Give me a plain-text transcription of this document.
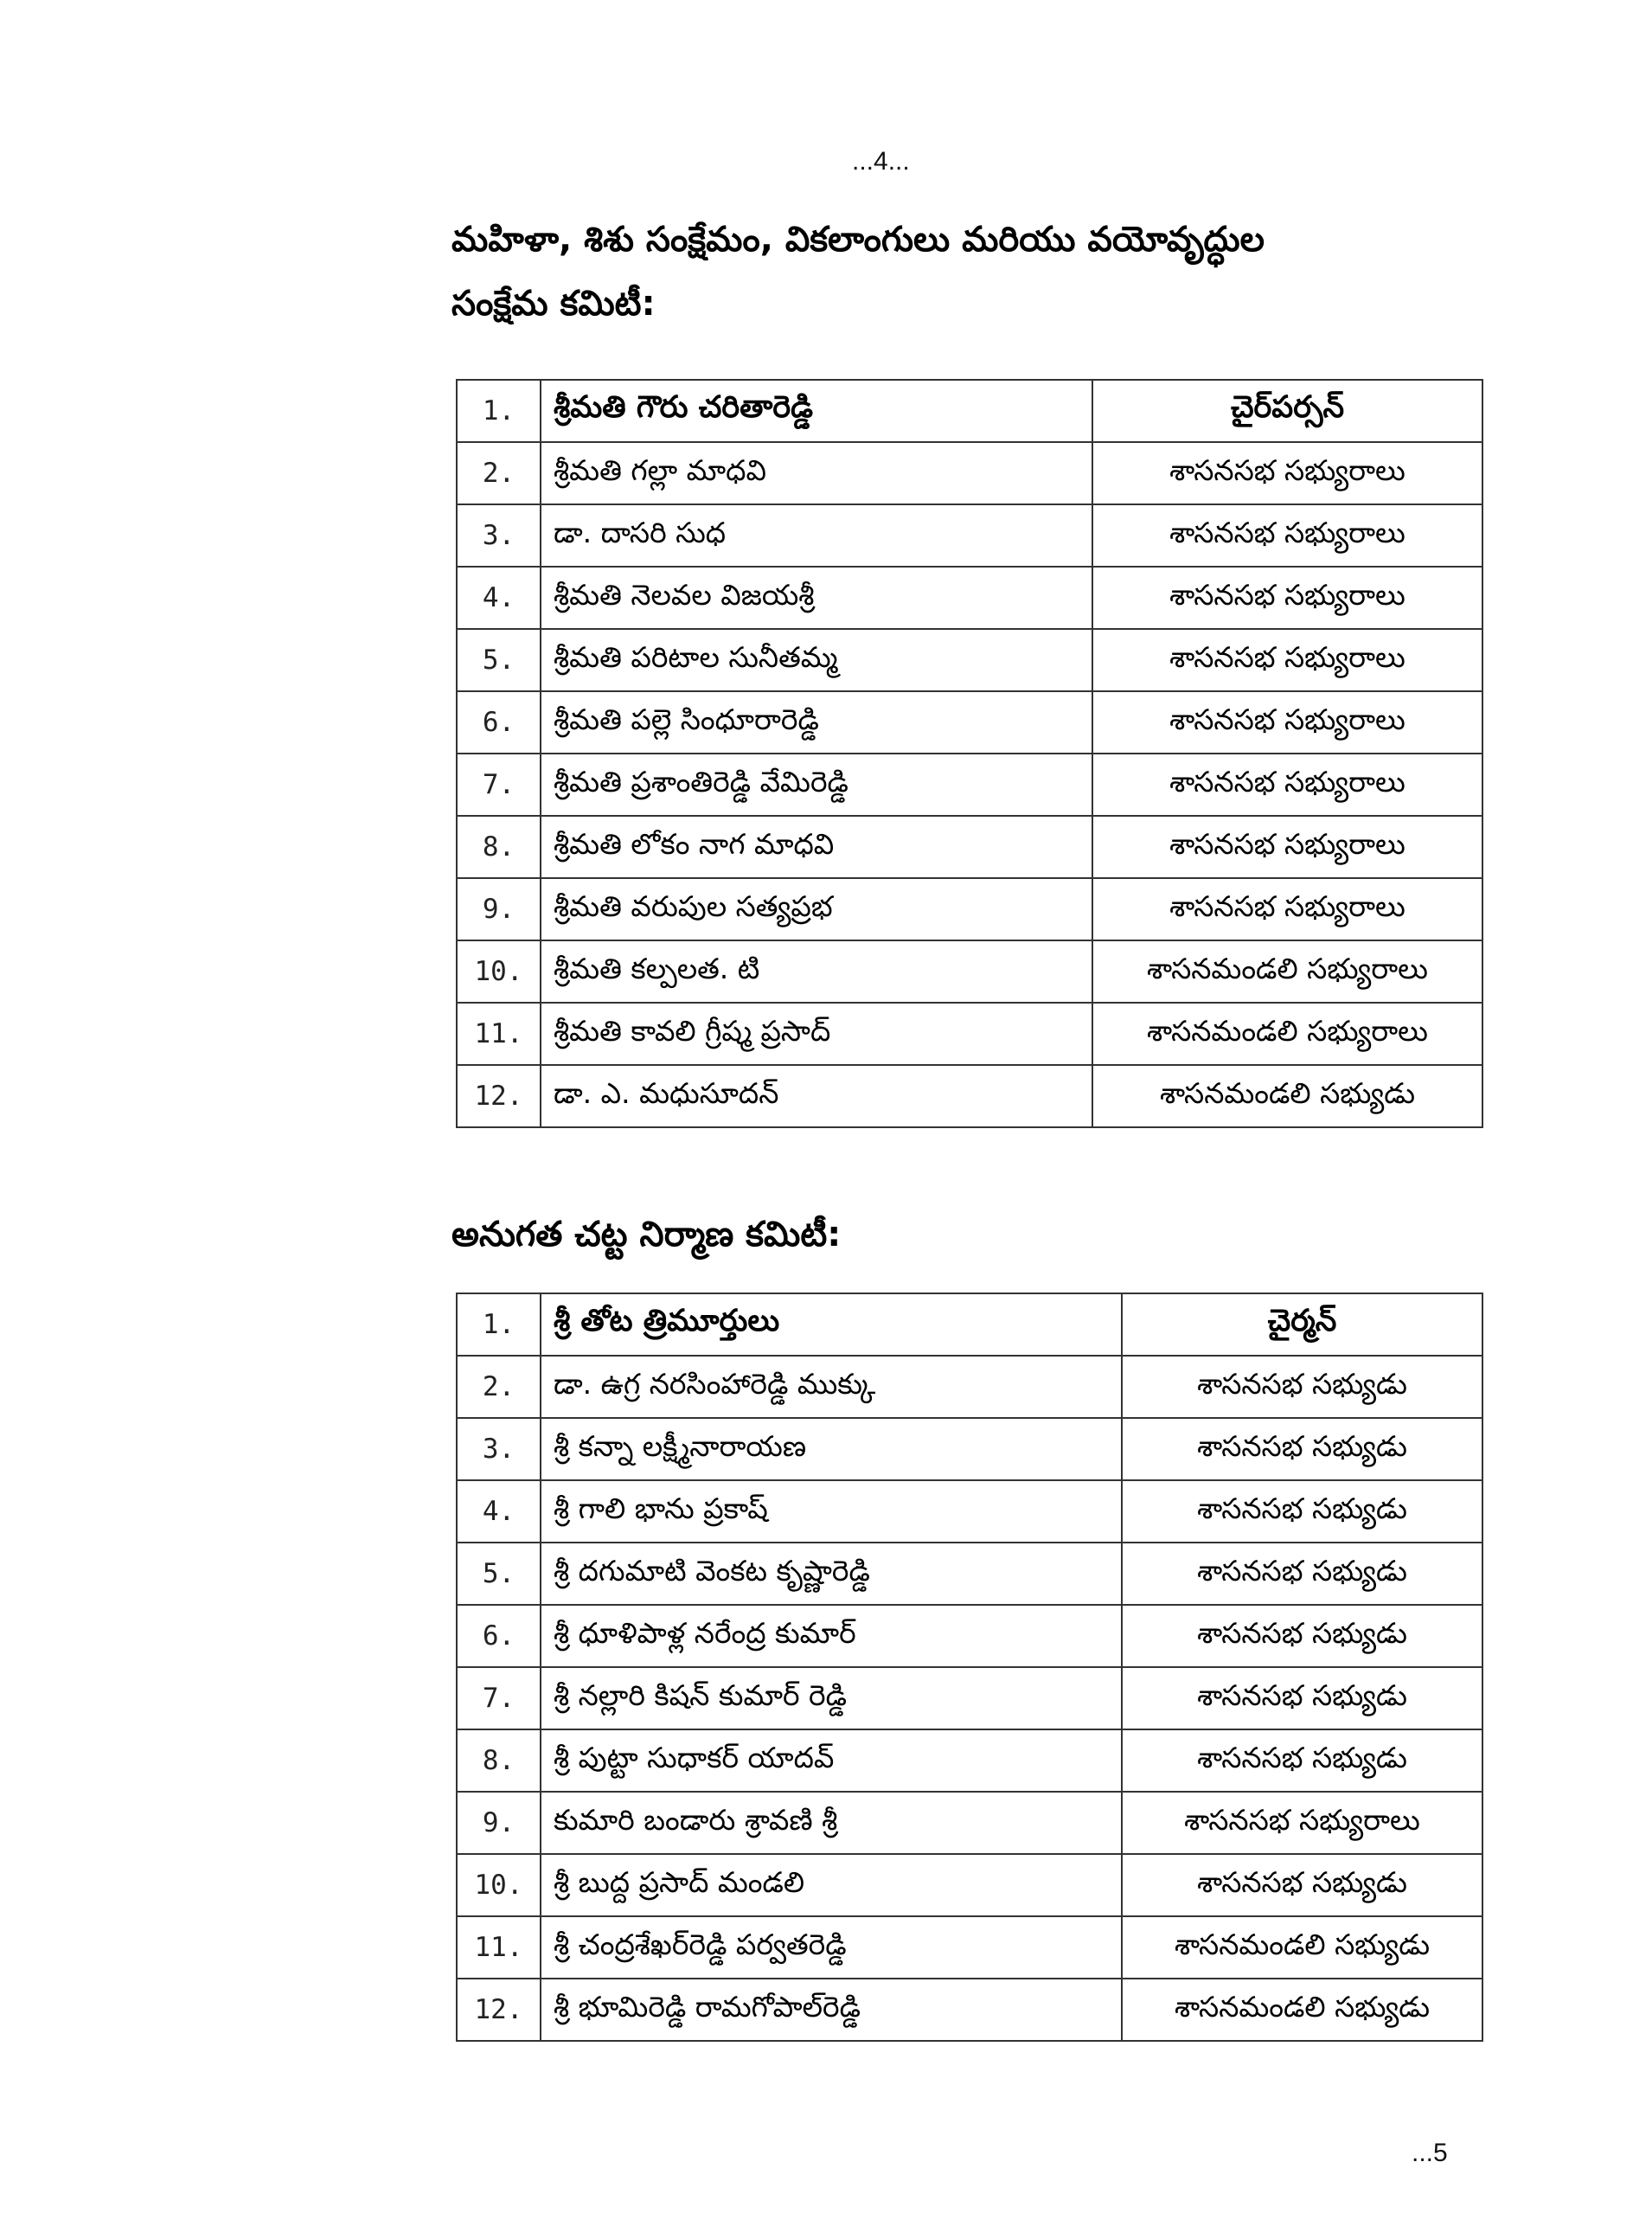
...4...
మహిళా, శిశు సంక్షేమం, వికలాంగులు మరియు వయోవృద్ధుల
సంక్షేమ కమిటీ:
1.	శ్రీమతి గౌరు చరితారెడ్డి	చైర్‌పర్సన్
2.	శ్రీమతి గల్లా మాధవి	శాసనసభ సభ్యురాలు
3.	డా. దాసరి సుధ	శాసనసభ సభ్యురాలు
4.	శ్రీమతి నెలవల విజయశ్రీ	శాసనసభ సభ్యురాలు
5.	శ్రీమతి పరిటాల సునీతమ్మ	శాసనసభ సభ్యురాలు
6.	శ్రీమతి పల్లె సింధూరారెడ్డి	శాసనసభ సభ్యురాలు
7.	శ్రీమతి ప్రశాంతిరెడ్డి వేమిరెడ్డి	శాసనసభ సభ్యురాలు
8.	శ్రీమతి లోకం నాగ మాధవి	శాసనసభ సభ్యురాలు
9.	శ్రీమతి వరుపుల సత్యప్రభ	శాసనసభ సభ్యురాలు
10.	శ్రీమతి కల్పలత. టి	శాసనమండలి సభ్యురాలు
11.	శ్రీమతి కావలి గ్రీష్మ ప్రసాద్	శాసనమండలి సభ్యురాలు
12.	డా. ఎ. మధుసూదన్	శాసనమండలి సభ్యుడు
అనుగత చట్ట నిర్మాణ కమిటీ:
1.	శ్రీ తోట త్రిమూర్తులు	చైర్మన్
2.	డా. ఉగ్ర నరసింహారెడ్డి ముక్కు	శాసనసభ సభ్యుడు
3.	శ్రీ కన్నా లక్ష్మీనారాయణ	శాసనసభ సభ్యుడు
4.	శ్రీ గాలి భాను ప్రకాష్	శాసనసభ సభ్యుడు
5.	శ్రీ దగుమాటి వెంకట కృష్ణారెడ్డి	శాసనసభ సభ్యుడు
6.	శ్రీ ధూళిపాళ్ల నరేంద్ర కుమార్	శాసనసభ సభ్యుడు
7.	శ్రీ నల్లారి కిషన్ కుమార్ రెడ్డి	శాసనసభ సభ్యుడు
8.	శ్రీ పుట్టా సుధాకర్ యాదవ్	శాసనసభ సభ్యుడు
9.	కుమారి బండారు శ్రావణి శ్రీ	శాసనసభ సభ్యురాలు
10.	శ్రీ బుద్ద ప్రసాద్ మండలి	శాసనసభ సభ్యుడు
11.	శ్రీ చంద్రశేఖర్‌రెడ్డి పర్వతరెడ్డి	శాసనమండలి సభ్యుడు
12.	శ్రీ భూమిరెడ్డి రామగోపాల్‌రెడ్డి	శాసనమండలి సభ్యుడు
...5
